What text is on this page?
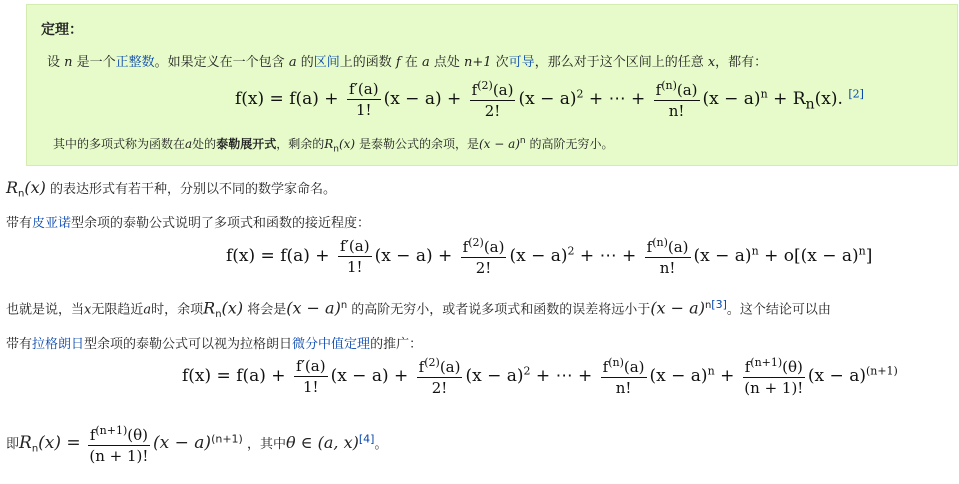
定理：
设 n 是一个正整数。如果定义在一个包含 a 的区间上的函数 f 在 a 点处 n+1 次可导，那么对于这个区间上的任意 x，都有：
$f(x) = f(a) + \frac{f'(a)}{1!} (x - a) + \frac{f^{(2)}(a)}{2!} (x - a)^2$ + ⋯ + $\frac{f^{(n)}(a)}{n!} (x - a)^n + R_n(x)$. [2]
其中的多项式称为函数在a处的泰勒展开式，剩余的$R_n(x)$ 是泰勒公式的余项，是$(x - a)^n$ 的高阶无穷小。
$R_n(x)$ 的表达形式有若干种，分别以不同的数学家命名。
带有皮亚诺型余项的泰勒公式说明了多项式和函数的接近程度：
$f(x) = f(a) + \frac{f'(a)}{1!} (x - a) + \frac{f^{(2)}(a)}{2!} (x - a)^2$ + ⋯ + $\frac{f^{(n)}(a)}{n!} (x - a)^n + o[(x - a)^n]$
也就是说，当x无限趋近a时，余项$R_n(x)$ 将会是$(x - a)^n$ 的高阶无穷小，或者说多项式和函数的误差将远小于(x − a)$^{n[3]}$。这个结论可以由
带有拉格朗日型余项的泰勒公式可以视为拉格朗日微分中值定理的推广：
$f(x) = f(a) + \frac{f'(a)}{1!} (x - a) + \frac{f^{(2)}(a)}{2!} (x - a)^2$ + ⋯ + $\frac{f^{(n)}(a)}{n!} (x - a)^n + \frac{f^{(n+1)}(\theta)}{(n + 1)!} (x - a)^{(n+1)}$
即$R_n(x) = \frac{f^{(n+1)}(\theta)}{(n + 1)!} (x - a)^{(n+1)}$ ，其中θ ∈ (a, x)[4]。
